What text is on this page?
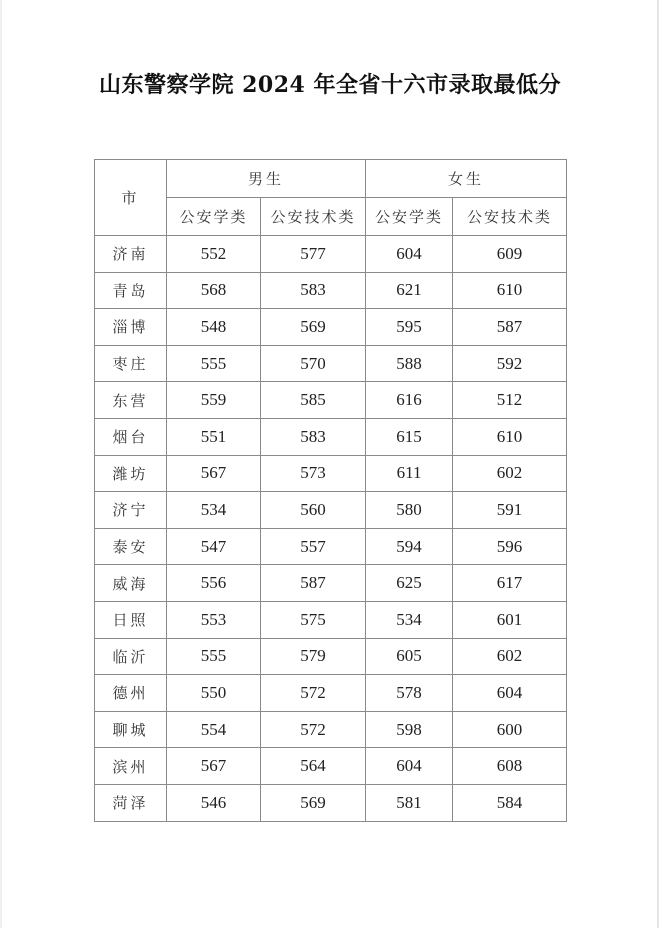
山东警察学院 2024 年全省十六市录取最低分
市	男生		女生	
	公安学类	公安技术类	公安学类	公安技术类
济南	552	577	604	609
青岛	568	583	621	610
淄博	548	569	595	587
枣庄	555	570	588	592
东营	559	585	616	512
烟台	551	583	615	610
潍坊	567	573	611	602
济宁	534	560	580	591
泰安	547	557	594	596
威海	556	587	625	617
日照	553	575	534	601
临沂	555	579	605	602
德州	550	572	578	604
聊城	554	572	598	600
滨州	567	564	604	608
菏泽	546	569	581	584
